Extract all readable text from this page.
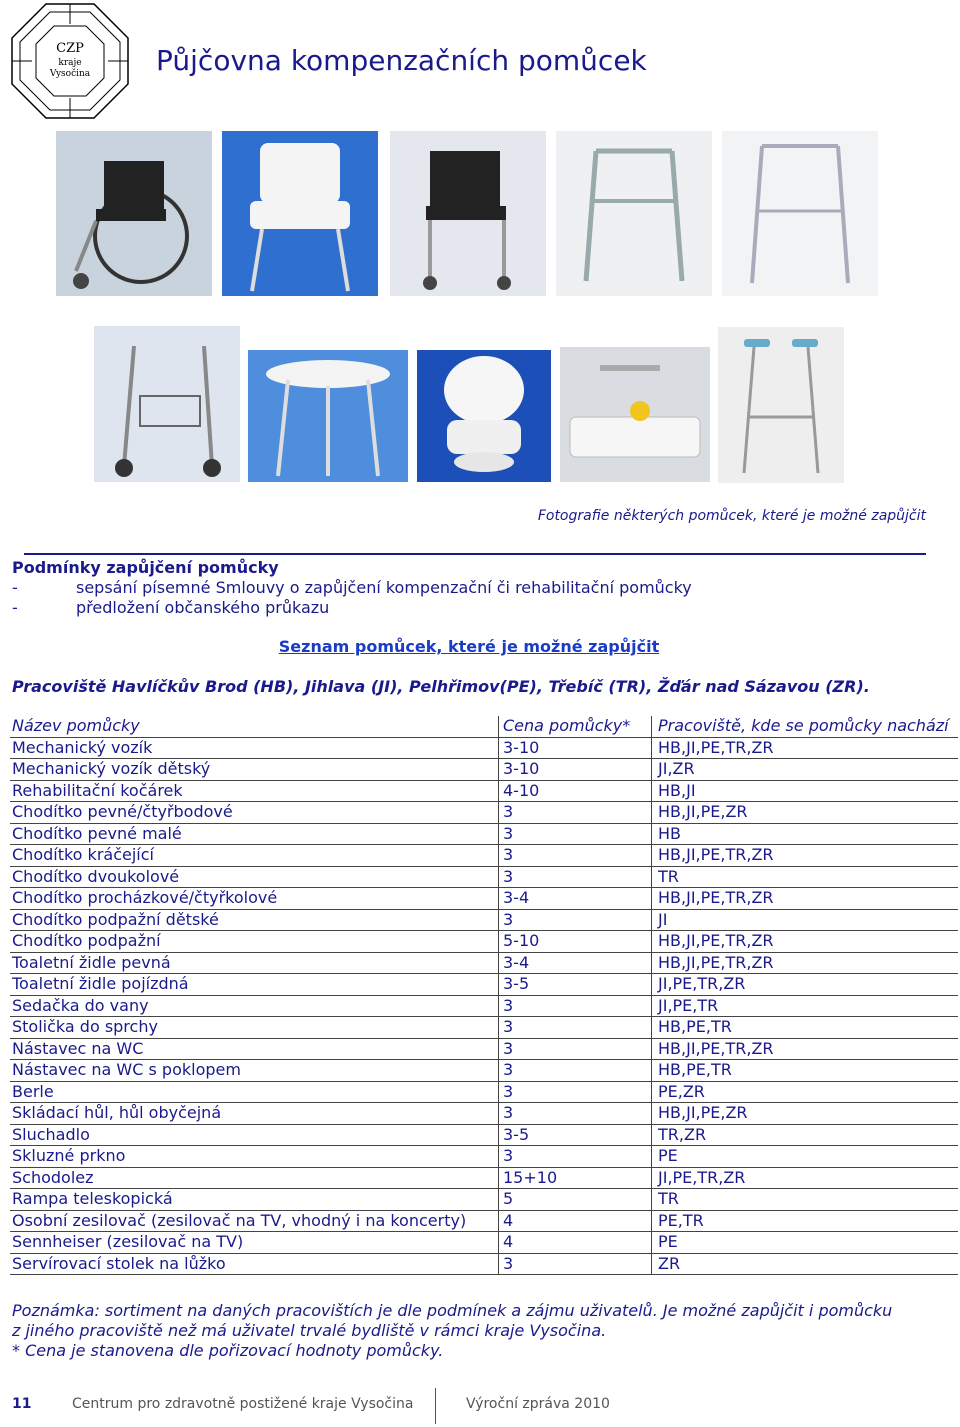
CZP
kraje
Vysočina Půjčovna kompenzačních pomůcek
Fotografie některých pomůcek, které je možné zapůjčit
Podmínky zapůjčení pomůcky
-	sepsání písemné Smlouvy o zapůjčení kompenzační či rehabilitační pomůcky
-	předložení občanského průkazu
Seznam pomůcek, které je možné zapůjčit
Pracoviště Havlíčkův Brod (HB), Jihlava (JI), Pelhřimov(PE), Třebíč (TR), Žďár nad Sázavou (ZR).
Název pomůcky	Cena pomůcky*	Pracoviště, kde se pomůcky nachází
Mechanický vozík	3-10	HB,JI,PE,TR,ZR
Mechanický vozík dětský	3-10	JI,ZR
Rehabilitační kočárek	4-10	HB,JI
Chodítko pevné/čtyřbodové	3	HB,JI,PE,ZR
Chodítko pevné malé	3	HB
Chodítko kráčející	3	HB,JI,PE,TR,ZR
Chodítko dvoukolové	3	TR
Chodítko procházkové/čtyřkolové	3-4	HB,JI,PE,TR,ZR
Chodítko podpažní dětské	3	JI
Chodítko podpažní	5-10	HB,JI,PE,TR,ZR
Toaletní židle pevná	3-4	HB,JI,PE,TR,ZR
Toaletní židle pojízdná	3-5	JI,PE,TR,ZR
Sedačka do vany	3	JI,PE,TR
Stolička do sprchy	3	HB,PE,TR
Nástavec na WC	3	HB,JI,PE,TR,ZR
Nástavec na WC s poklopem	3	HB,PE,TR
Berle	3	PE,ZR
Skládací hůl, hůl obyčejná	3	HB,JI,PE,ZR
Sluchadlo	3-5	TR,ZR
Skluzné prkno	3	PE
Schodolez	15+10	JI,PE,TR,ZR
Rampa teleskopická	5	TR
Osobní zesilovač (zesilovač na TV, vhodný i na koncerty)	4	PE,TR
Sennheiser (zesilovač na TV)	4	PE
Servírovací stolek na lůžko	3	ZR
Poznámka: sortiment na daných pracovištích je dle podmínek a zájmu uživatelů. Je možné zapůjčit i pomůcku
z jiného pracoviště než má uživatel trvalé bydliště v rámci kraje Vysočina.
* Cena je stanovena dle pořizovací hodnoty pomůcky.
11	Centrum pro zdravotně postižené kraje Vysočina	Výroční zpráva 2010
